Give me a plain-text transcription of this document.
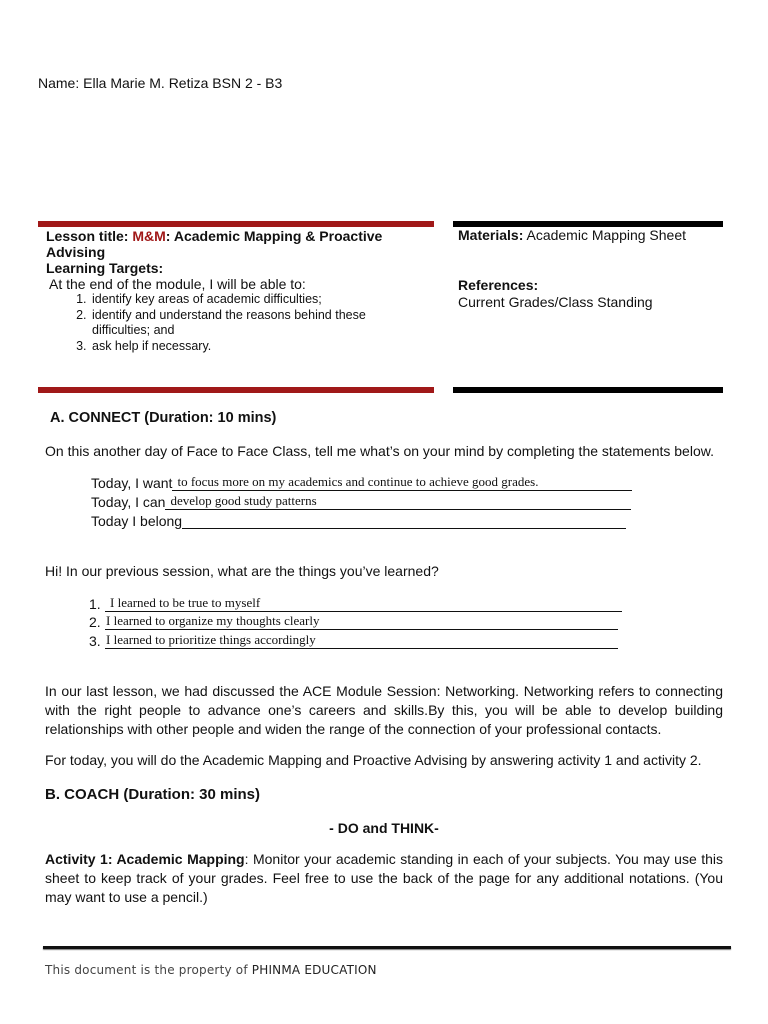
Name: Ella Marie M. Retiza BSN 2 - B3
Lesson title: M&M: Academic Mapping & Proactive Advising
Learning Targets:
At the end of the module, I will be able to:
1. identify key areas of academic difficulties;
2. identify and understand the reasons behind these difficulties; and
3. ask help if necessary.
Materials: Academic Mapping Sheet
References:
Current Grades/Class Standing
A. CONNECT (Duration: 10 mins)
On this another day of Face to Face Class, tell me what’s on your mind by completing the statements below.
Today, I want to focus more on my academics and continue to achieve good grades.
Today, I can develop good study patterns
Today I belong
Hi! In our previous session, what are the things you’ve learned?
1. I learned to be true to myself
2. I learned to organize my thoughts clearly
3. I learned to prioritize things accordingly
In our last lesson, we had discussed the ACE Module Session: Networking. Networking refers to connecting with the right people to advance one’s careers and skills.By this, you will be able to develop building relationships with other people and widen the range of the connection of your professional contacts.
For today, you will do the Academic Mapping and Proactive Advising by answering activity 1 and activity 2.
B. COACH (Duration: 30 mins)
- DO and THINK-
Activity 1: Academic Mapping: Monitor your academic standing in each of your subjects. You may use this sheet to keep track of your grades. Feel free to use the back of the page for any additional notations. (You may want to use a pencil.)
This document is the property of PHINMA EDUCATION
